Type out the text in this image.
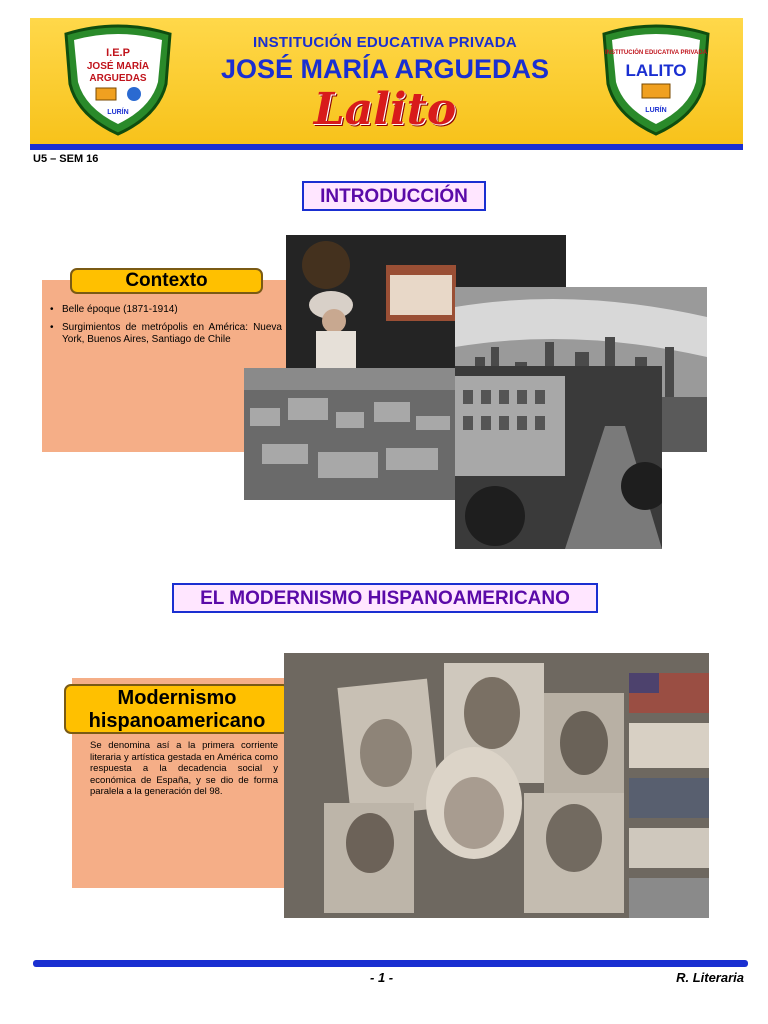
I.E.P
JOSÉ MARÍA
ARGUEDAS
LURÍN
INSTITUCIÓN EDUCATIVA PRIVADA
JOSÉ MARÍA ARGUEDAS
Lalito
INSTITUCIÓN EDUCATIVA PRIVADA
LALITO
LURÍN
U5 – SEM 16
INTRODUCCIÓN
Contexto
• Belle époque (1871-1914)
• Surgimientos de metrópolis en América: Nueva York, Buenos Aires, Santiago de Chile
EL MODERNISMO HISPANOAMERICANO
Modernismo
hispanoamericano

Se denomina así a la primera corriente literaria y artística gestada en América como respuesta a la decadencia social y económica de España, y se dio de forma paralela a la generación del 98.

- 1 -	R. Literaria
